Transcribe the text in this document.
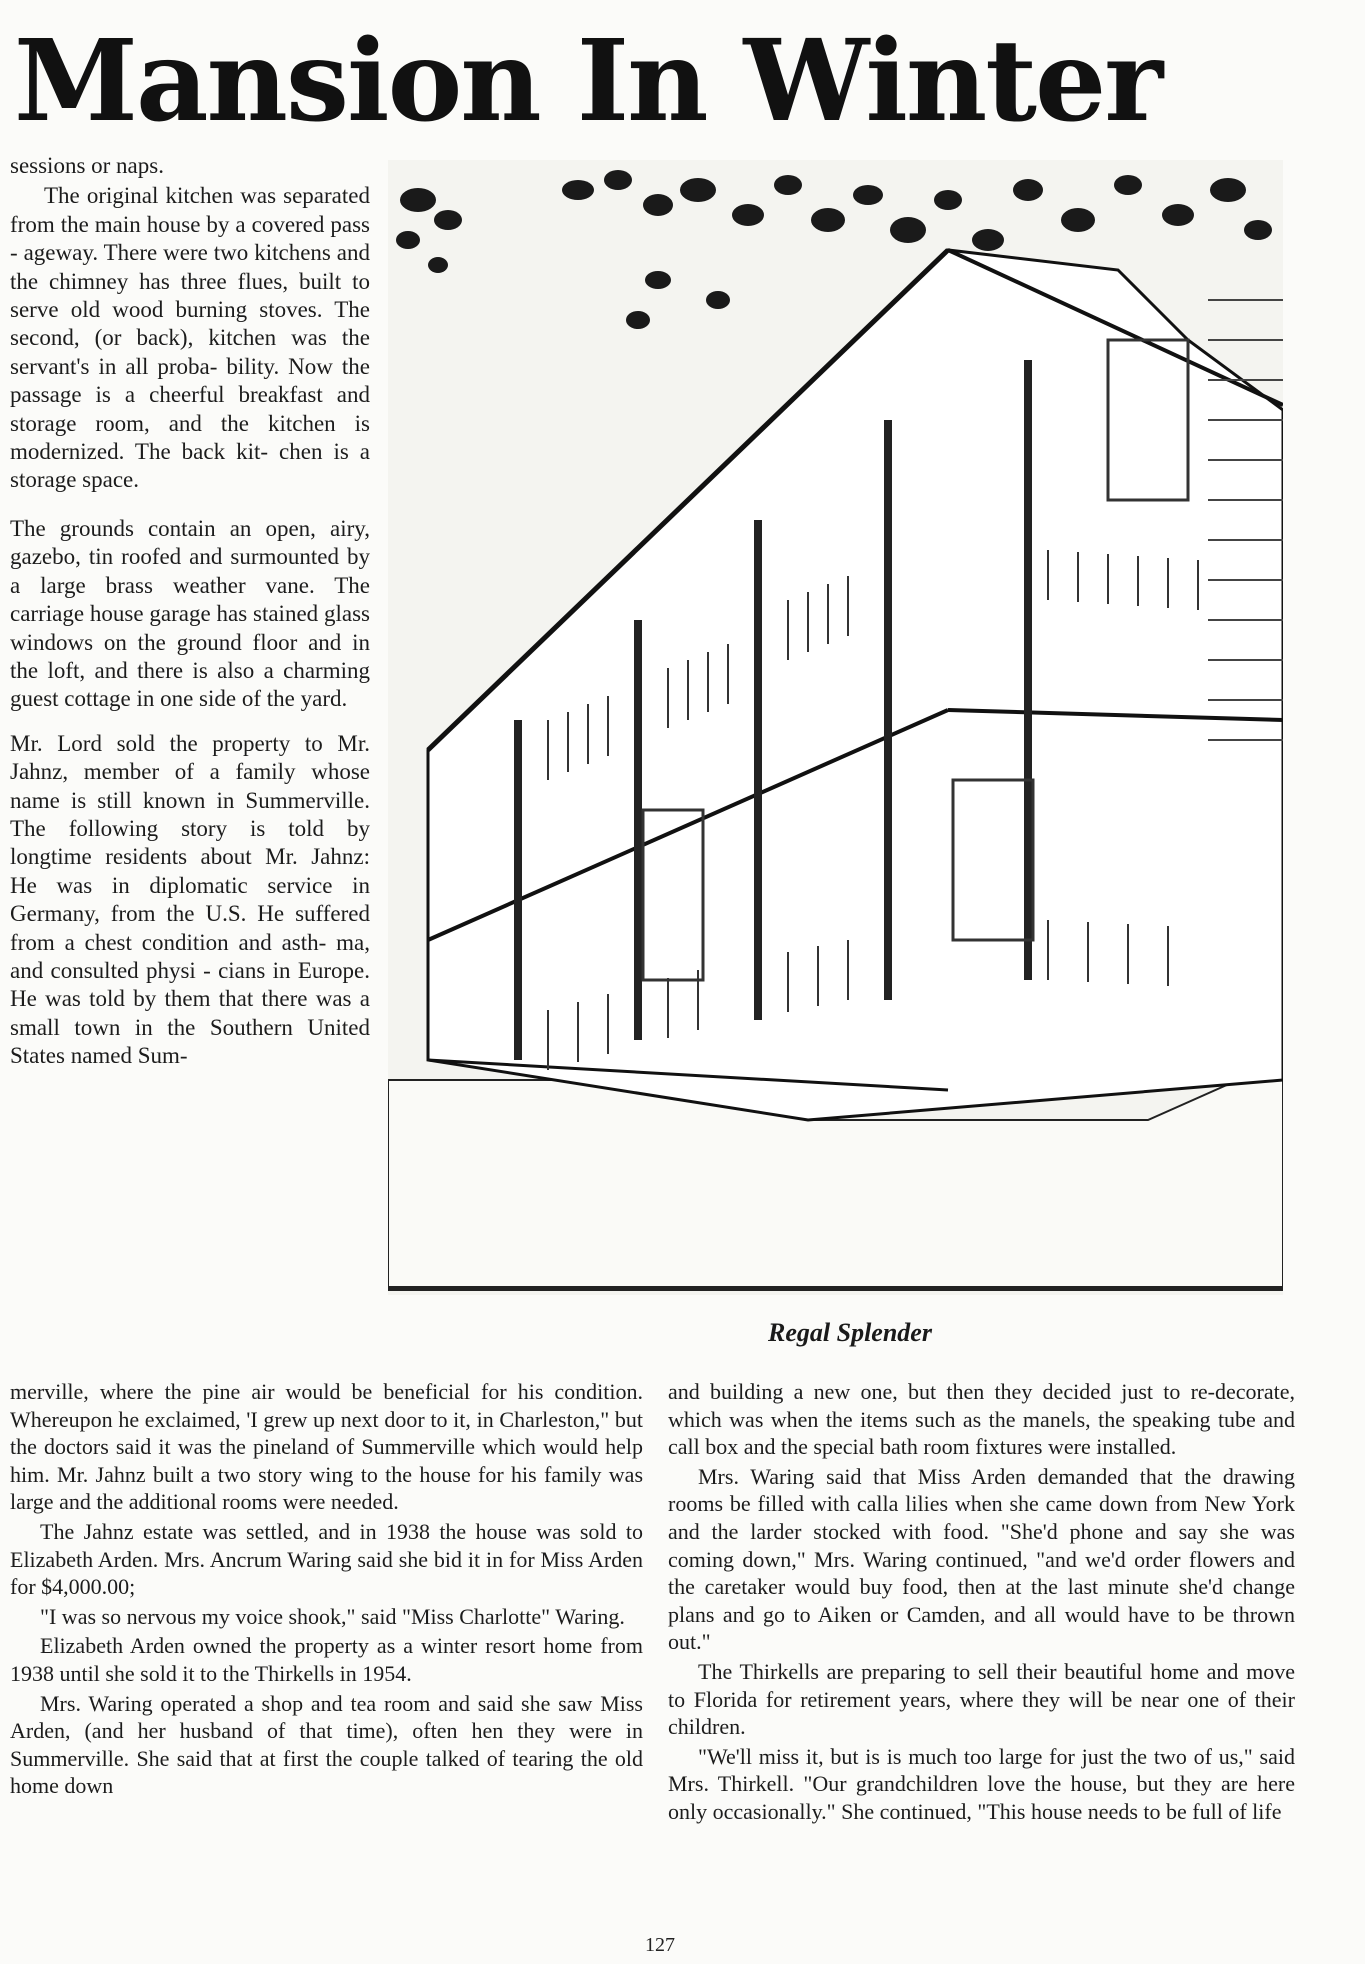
Mansion In Winter

sessions or naps.

The original kitchen was separated from the main house by a covered pass - ageway. There were two kitchens and the chimney has three flues, built to serve old wood burning stoves. The second, (or back), kitchen was the servant's in all proba- bility. Now the passage is a cheerful breakfast and storage room, and the kitchen is modernized. The back kit- chen is a storage space.

The grounds contain an open, airy, gazebo, tin roofed and surmounted by a large brass weather vane. The carriage house garage has stained glass windows on the ground floor and in the loft, and there is also a charming guest cottage in one side of the yard.

Mr. Lord sold the property to Mr. Jahnz, member of a family whose name is still known in Summerville. The following story is told by longtime residents about Mr. Jahnz: He was in diplomatic service in Germany, from the U.S. He suffered from a chest condition and asth- ma, and consulted physi - cians in Europe. He was told by them that there was a small town in the Southern United States named Sum-

Regal Splender

merville, where the pine air would be beneficial for his condition. Whereupon he exclaimed, 'I grew up next door to it, in Charleston," but the doctors said it was the pineland of Summerville which would help him. Mr. Jahnz built a two story wing to the house for his family was large and the additional rooms were needed.

The Jahnz estate was settled, and in 1938 the house was sold to Elizabeth Arden. Mrs. Ancrum Waring said she bid it in for Miss Arden for $4,000.00;

"I was so nervous my voice shook," said "Miss Charlotte" Waring.

Elizabeth Arden owned the property as a winter resort home from 1938 until she sold it to the Thirkells in 1954.

Mrs. Waring operated a shop and tea room and said she saw Miss Arden, (and her husband of that time), often hen they were in Summerville. She said that at first the couple talked of tearing the old home down

and building a new one, but then they decided just to re-decorate, which was when the items such as the manels, the speaking tube and call box and the special bath room fixtures were installed.

Mrs. Waring said that Miss Arden demanded that the drawing rooms be filled with calla lilies when she came down from New York and the larder stocked with food. "She'd phone and say she was coming down," Mrs. Waring continued, "and we'd order flowers and the caretaker would buy food, then at the last minute she'd change plans and go to Aiken or Camden, and all would have to be thrown out."

The Thirkells are preparing to sell their beautiful home and move to Florida for retirement years, where they will be near one of their children.

"We'll miss it, but is is much too large for just the two of us," said Mrs. Thirkell. "Our grandchildren love the house, but they are here only occasionally." She continued, "This house needs to be full of life

127
